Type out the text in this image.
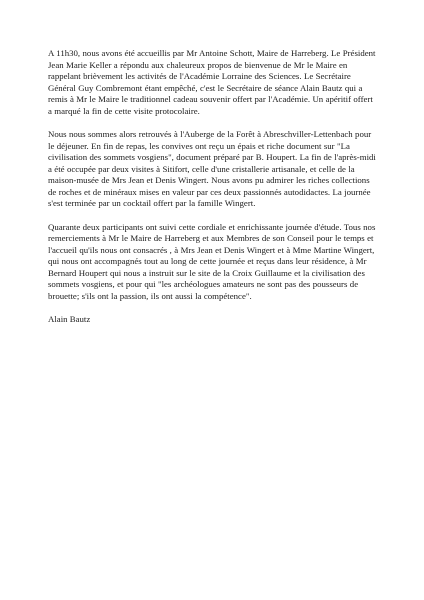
A 11h30, nous avons été accueillis par Mr Antoine Schott, Maire de Harreberg. Le Président Jean Marie Keller a répondu aux chaleureux propos de bienvenue de Mr le Maire en rappelant brièvement les activités de l'Académie Lorraine des Sciences. Le Secrétaire Général Guy Combremont étant empêché, c'est le Secrétaire de séance Alain Bautz qui a remis à Mr le Maire le traditionnel cadeau souvenir offert par l'Académie. Un apéritif offert a marqué la fin de cette visite protocolaire.

Nous nous sommes alors retrouvés à l'Auberge de la Forêt à Abreschviller-Lettenbach pour le déjeuner. En fin de repas, les convives ont reçu un épais et riche document sur "La civilisation des sommets vosgiens", document préparé par B. Houpert. La fin de l'après-midi a été occupée par deux visites à Sitifort, celle d'une cristallerie artisanale, et celle de la maison-musée de Mrs Jean et Denis Wingert. Nous avons pu admirer les riches collections de roches et de minéraux mises en valeur par ces deux passionnés autodidactes. La journée s'est terminée par un cocktail offert par la famille Wingert.

Quarante deux participants ont suivi cette cordiale et enrichissante journée d'étude. Tous nos remerciements à Mr le Maire de Harreberg et aux Membres de son Conseil pour le temps et l'accueil qu'ils nous ont consacrés , à Mrs Jean et Denis Wingert et à Mme Martine Wingert, qui nous ont accompagnés tout au long de cette journée et reçus dans leur résidence, à Mr Bernard Houpert qui nous a instruit sur le site de la Croix Guillaume et la civilisation des sommets vosgiens, et pour qui "les archéologues amateurs ne sont pas des pousseurs de brouette; s'ils ont la passion, ils ont aussi la compétence".

Alain Bautz
